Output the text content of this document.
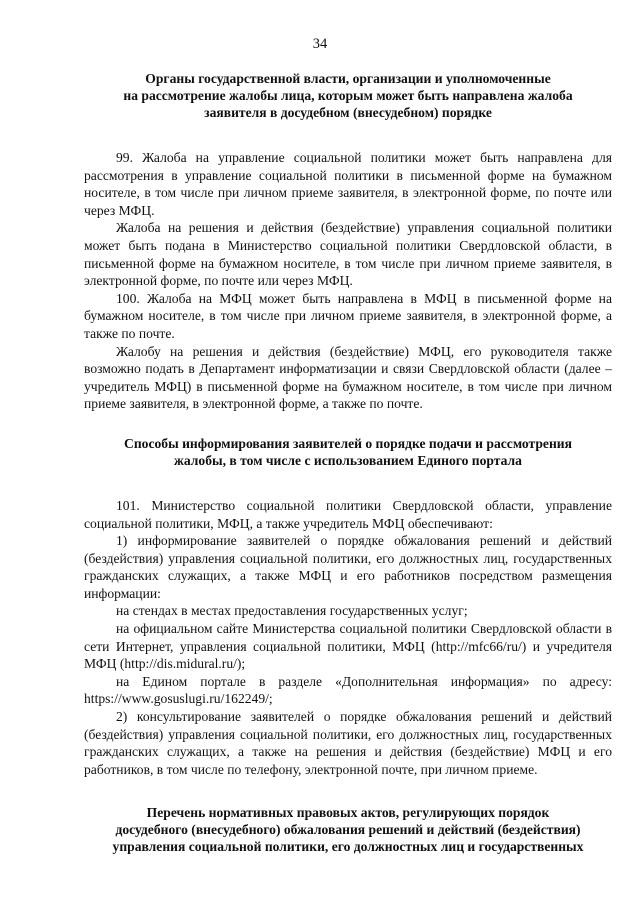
34
Органы государственной власти, организации и уполномоченные
на рассмотрение жалобы лица, которым может быть направлена жалоба
заявителя в досудебном (внесудебном) порядке

99. Жалоба на управление социальной политики может быть направлена для рассмотрения в управление социальной политики в письменной форме на бумажном носителе, в том числе при личном приеме заявителя, в электронной форме, по почте или через МФЦ.

Жалоба на решения и действия (бездействие) управления социальной политики может быть подана в Министерство социальной политики Свердловской области, в письменной форме на бумажном носителе, в том числе при личном приеме заявителя, в электронной форме, по почте или через МФЦ.

100. Жалоба на МФЦ может быть направлена в МФЦ в письменной форме на бумажном носителе, в том числе при личном приеме заявителя, в электронной форме, а также по почте.

Жалобу на решения и действия (бездействие) МФЦ, его руководителя также возможно подать в Департамент информатизации и связи Свердловской области (далее – учредитель МФЦ) в письменной форме на бумажном носителе, в том числе при личном приеме заявителя, в электронной форме, а также по почте.

Способы информирования заявителей о порядке подачи и рассмотрения
жалобы, в том числе с использованием Единого портала

101. Министерство социальной политики Свердловской области, управление социальной политики, МФЦ, а также учредитель МФЦ обеспечивают:

1) информирование заявителей о порядке обжалования решений и действий (бездействия) управления социальной политики, его должностных лиц, государственных гражданских служащих, а также МФЦ и его работников посредством размещения информации:

на стендах в местах предоставления государственных услуг;

на официальном сайте Министерства социальной политики Свердловской области в сети Интернет, управления социальной политики, МФЦ (http://mfc66/ru/) и учредителя МФЦ (http://dis.midural.ru/);

на Едином портале в разделе «Дополнительная информация» по адресу: https://www.gosuslugi.ru/162249/;

2) консультирование заявителей о порядке обжалования решений и действий (бездействия) управления социальной политики, его должностных лиц, государственных гражданских служащих, а также на решения и действия (бездействие) МФЦ и его работников, в том числе по телефону, электронной почте, при личном приеме.

Перечень нормативных правовых актов, регулирующих порядок
досудебного (внесудебного) обжалования решений и действий (бездействия)
управления социальной политики, его должностных лиц и государственных
